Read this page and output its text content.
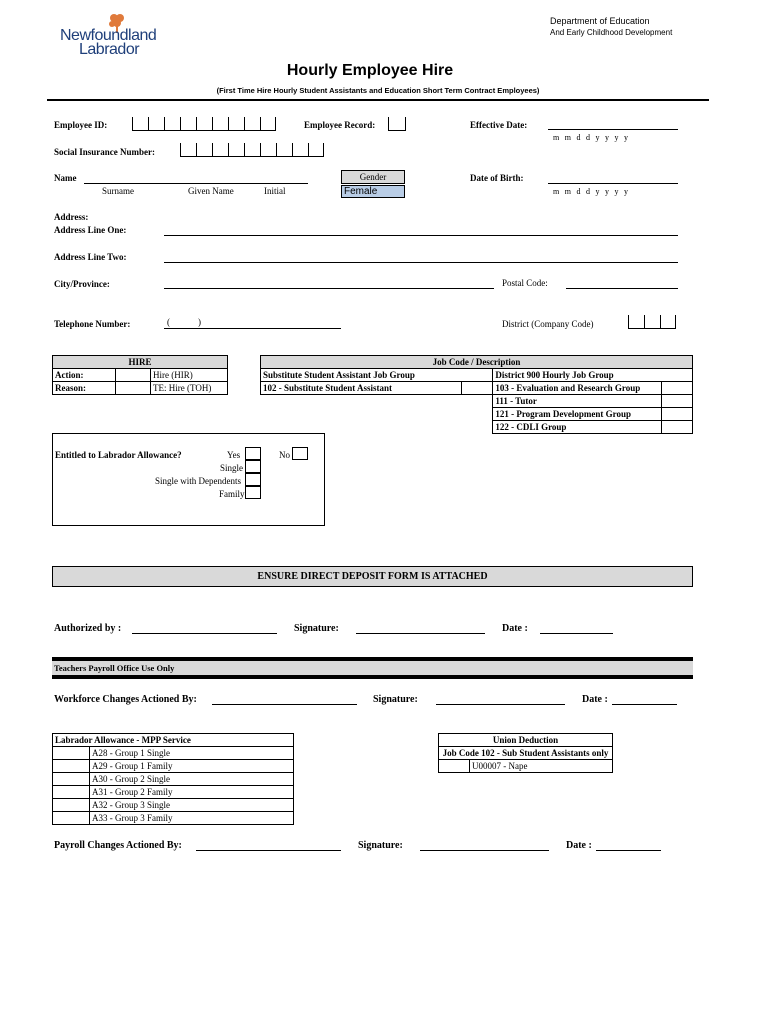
Newfoundland
Labrador
Department of Education
And Early Childhood Development
Hourly Employee Hire
(First Time Hire Hourly Student Assistants and Education Short Term Contract Employees)
Employee ID:	Employee Record:	Effective Date:
m  m  d  d  y  y  y  y
Social Insurance Number:
Name
Surname	Given Name	Initial
Gender
Female
Date of Birth:
m  m  d  d  y  y  y  y
Address:
Address Line One:
Address Line Two:
City/Province:	Postal Code:
Telephone Number:	(	)	District (Company Code)
HIRE		
Action:		Hire (HIR)
Reason:		TE: Hire (TOH)
Job Code / Description			
Substitute Student Assistant Job Group		District 900 Hourly Job Group	
102 - Substitute Student Assistant		103 - Evaluation and Research Group	
		111 - Tutor	
		121 - Program Development Group	
		122 - CDLI Group	
Entitled to Labrador Allowance?	Yes	No
Single
Single with Dependents
Family
ENSURE DIRECT DEPOSIT FORM IS ATTACHED
Authorized by :	Signature:	Date :
Teachers Payroll Office Use Only
Workforce Changes Actioned By:	Signature:	Date :
Labrador Allowance - MPP Service	
	A28 - Group 1 Single
	A29 - Group 1 Family
	A30 - Group 2 Single
	A31 - Group 2 Family
	A32 - Group 3 Single
	A33 - Group 3 Family
Union Deduction
Job Code 102 - Sub Student Assistants only
	U00007 - Nape
Payroll Changes Actioned By:	Signature:	Date :
